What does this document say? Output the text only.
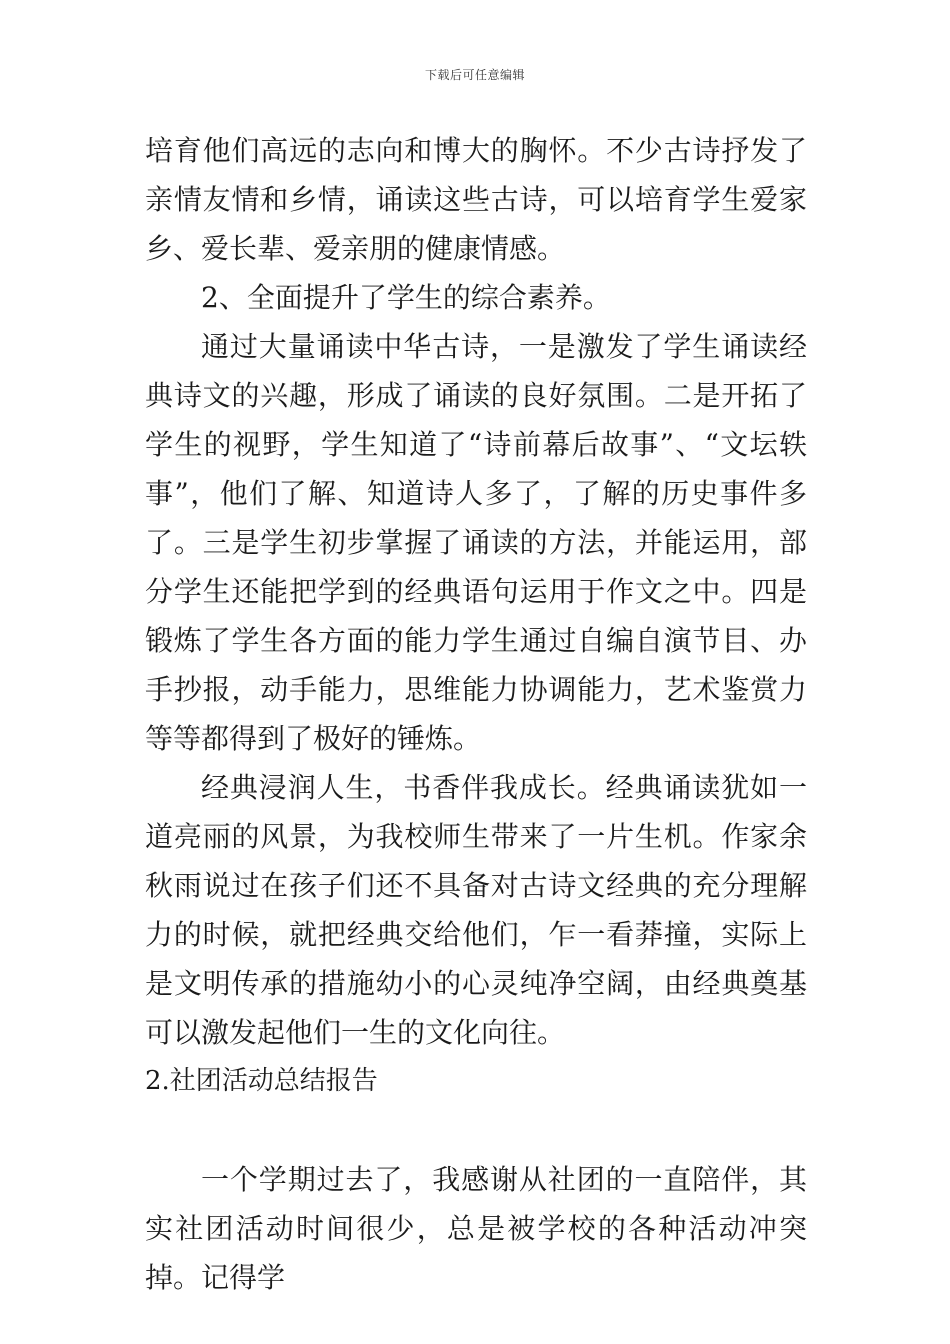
下载后可任意编辑

培育他们高远的志向和博大的胸怀。不少古诗抒发了亲情友情和乡情，诵读这些古诗，可以培育学生爱家乡、爱长辈、爱亲朋的健康情感。

2、全面提升了学生的综合素养。

通过大量诵读中华古诗，一是激发了学生诵读经典诗文的兴趣，形成了诵读的良好氛围。二是开拓了学生的视野，学生知道了“诗前幕后故事”、“文坛轶事”，他们了解、知道诗人多了，了解的历史事件多了。三是学生初步掌握了诵读的方法，并能运用，部分学生还能把学到的经典语句运用于作文之中。四是锻炼了学生各方面的能力学生通过自编自演节目、办手抄报，动手能力，思维能力协调能力，艺术鉴赏力等等都得到了极好的锤炼。

经典浸润人生，书香伴我成长。经典诵读犹如一道亮丽的风景，为我校师生带来了一片生机。作家余秋雨说过在孩子们还不具备对古诗文经典的充分理解力的时候，就把经典交给他们，乍一看莽撞，实际上是文明传承的措施幼小的心灵纯净空阔，由经典奠基可以激发起他们一生的文化向往。

2.社团活动总结报告

一个学期过去了，我感谢从社团的一直陪伴，其实社团活动时间很少，总是被学校的各种活动冲突掉。记得学
